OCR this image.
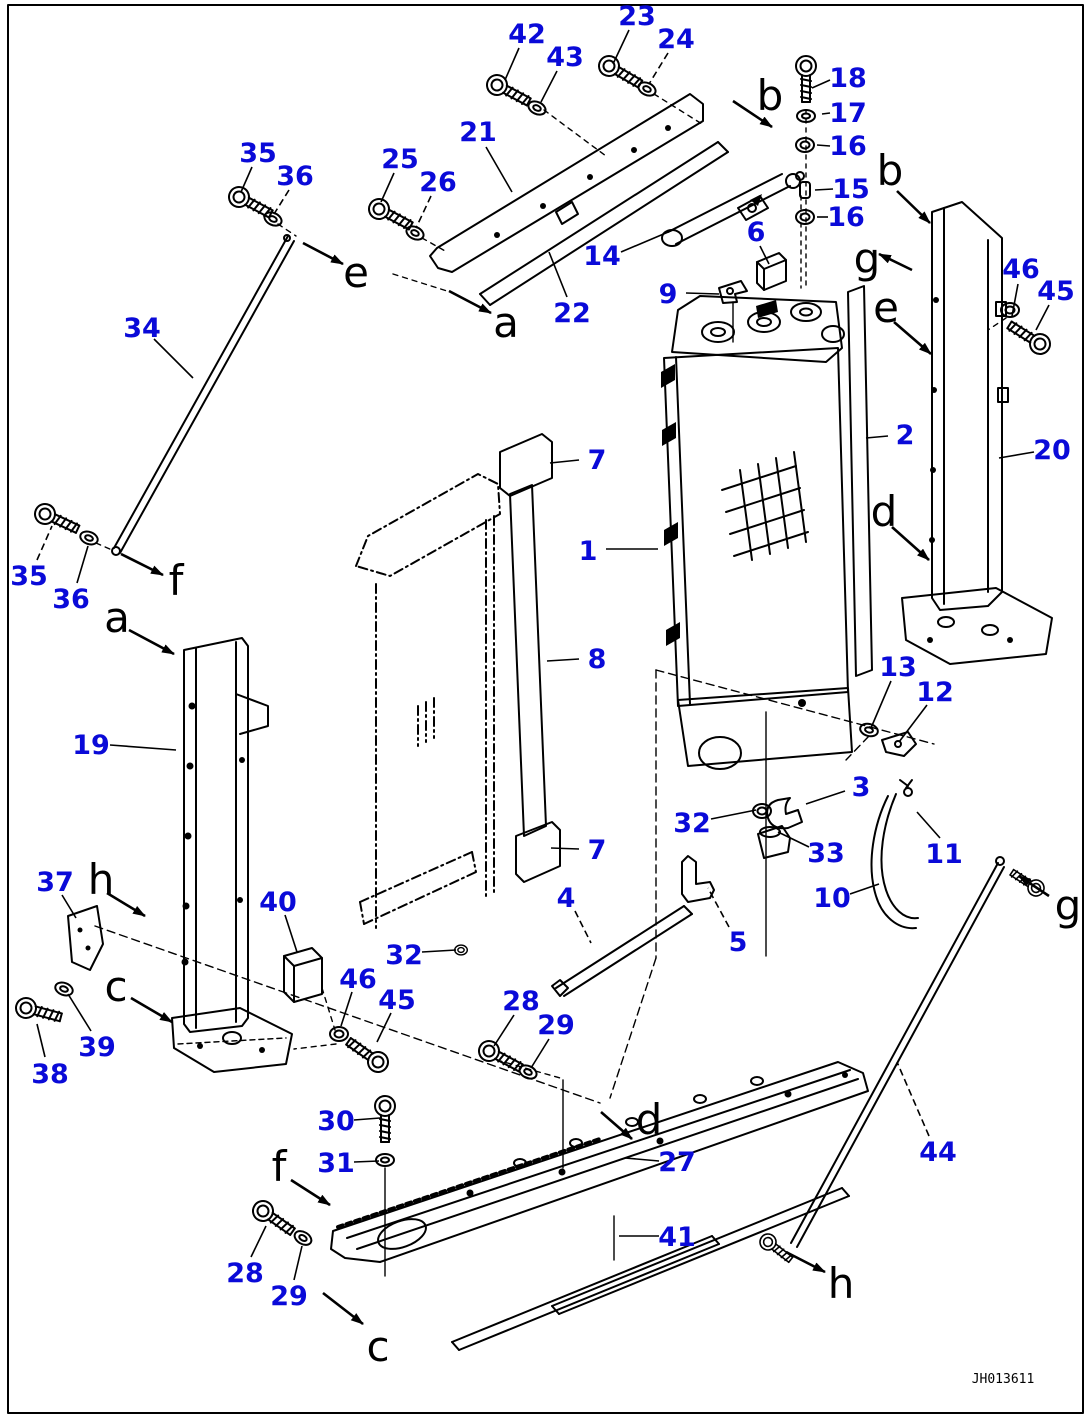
42
43
23
24
18
17
16
15
16
21
25
26
35
36
34
14
6
9
22
2	20
46
45
7
1
8	13
12
19
3
32
33	11
10
5
4
40
37
32
46
45
39
38
28
29
30
31	27
41
28
29
44
35
36
7
b
b
a
a
c
c
d
d
e
e
f
f
g
g
h
h
JH013611
